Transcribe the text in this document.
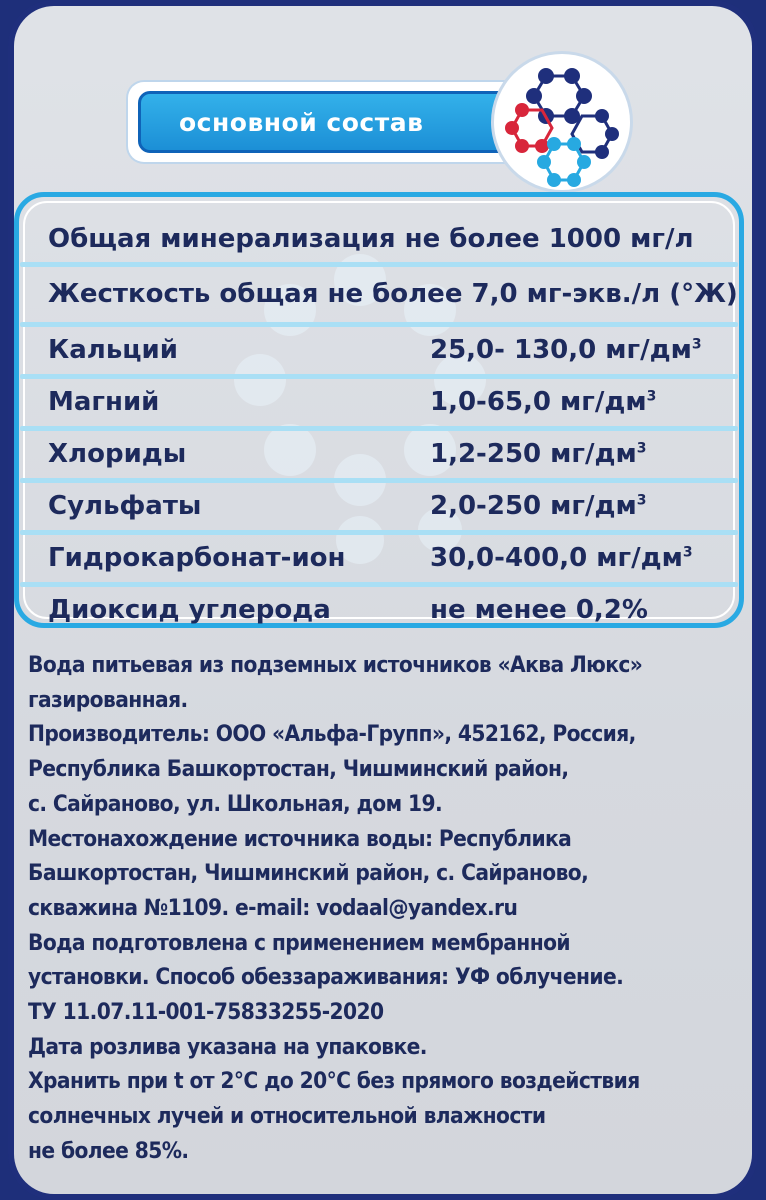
основной состав
Общая минерализация не более 1000 мг/л
Жесткость общая не более 7,0 мг-экв./л (°Ж)
Кальций	25,0- 130,0 $мг/дм^3$
Магний	1,0-65,0 $мг/дм^3$
Хлориды	1,2-250 $мг/дм^3$
Сульфаты	2,0-250 $мг/дм^3$
Гидрокарбонат-ион	30,0-400,0 $мг/дм^3$
Диоксид углерода	не менее 0,2%
Вода питьевая из подземных источников «Аква Люкс»
газированная.
Производитель: ООО «Альфа-Групп», 452162, Россия,
Республика Башкортостан, Чишминский район,
с. Сайраново, ул. Школьная, дом 19.
Местонахождение источника воды: Республика
Башкортостан, Чишминский район, с. Сайраново,
скважина №1109. e-mail: vodaal@yandex.ru
Вода подготовлена с применением мембранной
установки. Способ обеззараживания: УФ облучение.
ТУ 11.07.11-001-75833255-2020
Дата розлива указана на упаковке.
Хранить при t от 2°С до 20°С без прямого воздействия
солнечных лучей и относительной влажности
не более 85%.
